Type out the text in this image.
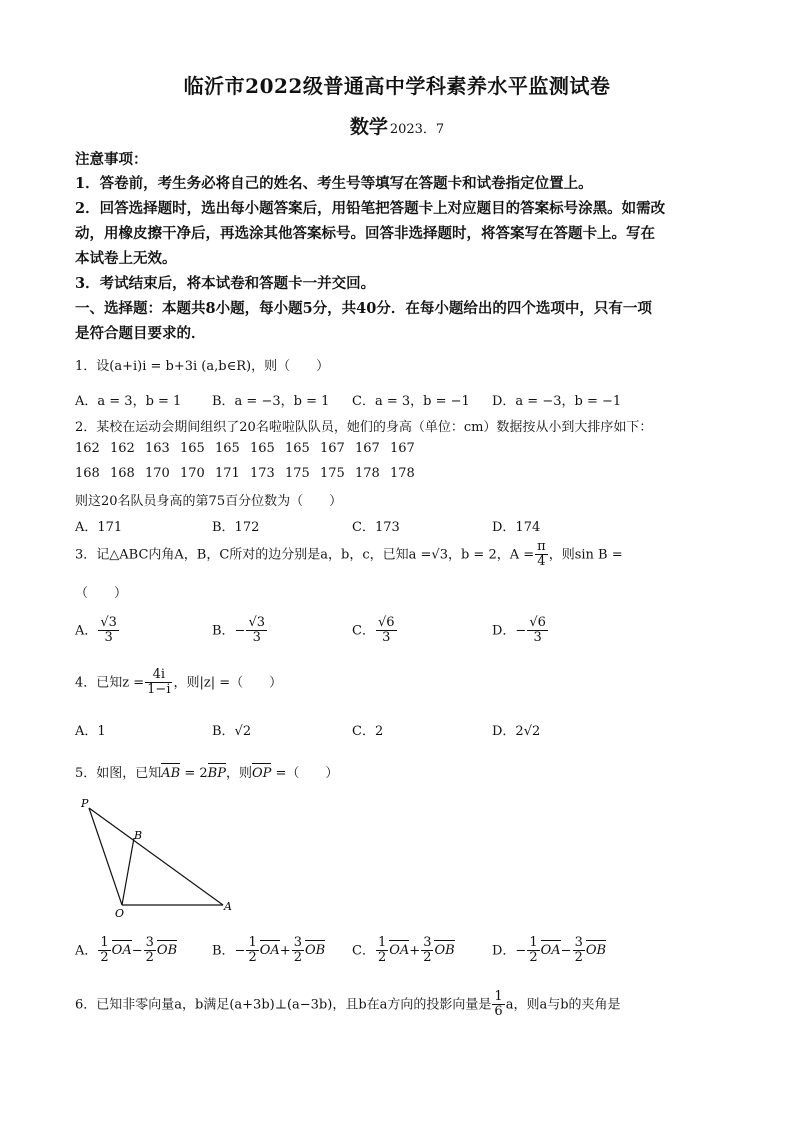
临沂市2022级普通高中学科素养水平监测试卷
数学 2023．7
注意事项：
1．答卷前，考生务必将自己的姓名、考生号等填写在答题卡和试卷指定位置上。
2．回答选择题时，选出每小题答案后，用铅笔把答题卡上对应题目的答案标号涂黑。如需改
动，用橡皮擦干净后，再选涂其他答案标号。回答非选择题时，将答案写在答题卡上。写在
本试卷上无效。
3．考试结束后，将本试卷和答题卡一并交回。
一、选择题：本题共8小题，每小题5分，共40分．在每小题给出的四个选项中，只有一项
是符合题目要求的．
1．设(a+i)i = b+3i (a,b∈R)，则（　　）
A．a = 3，b = 1 B．a = −3，b = 1 C．a = 3，b = −1 D．a = −3，b = −1
2．某校在运动会期间组织了20名啦啦队队员，她们的身高（单位：cm）数据按从小到大排序如下：
162 162 163 165 165 165 165 167 167 167
168 168 170 170 171 173 175 175 178 178
则这20名队员身高的第75百分位数为（　　）
A．171	B．172	C．173	D．174
3．记△ABC内角A，B，C所对的边分别是a，b，c，已知a =√3，b = 2，$A = \frac{\pi}{4}$ ，则sin B =
（　　）
A． $\frac{√3}{3}$	B．− $\frac{√3}{3}$	C． $\frac{√6}{3}$	D．− $\frac{√6}{3}$
4．已知$z = \frac{4i}{1-i}$ ，则|z| =（　　）
A．1	B．√2	C．2	D．2√2
5．如图，已知AB = 2BP，则OP =（　　）
P
B
O
A
A． $\frac{1}{2} OA- \frac{3}{2}$ OB	B．− $\frac{1}{2} OA+ \frac{3}{2}$ OB C． $\frac{1}{2} OA+ \frac{3}{2}$ OB	D．− $\frac{1}{2} OA- \frac{3}{2}$ OB
6．已知非零向量a，b满足(a+3b)⊥(a−3b)，且b在a方向的投影向量是 $\frac{1}{6}$ a，则a与b的夹角是
